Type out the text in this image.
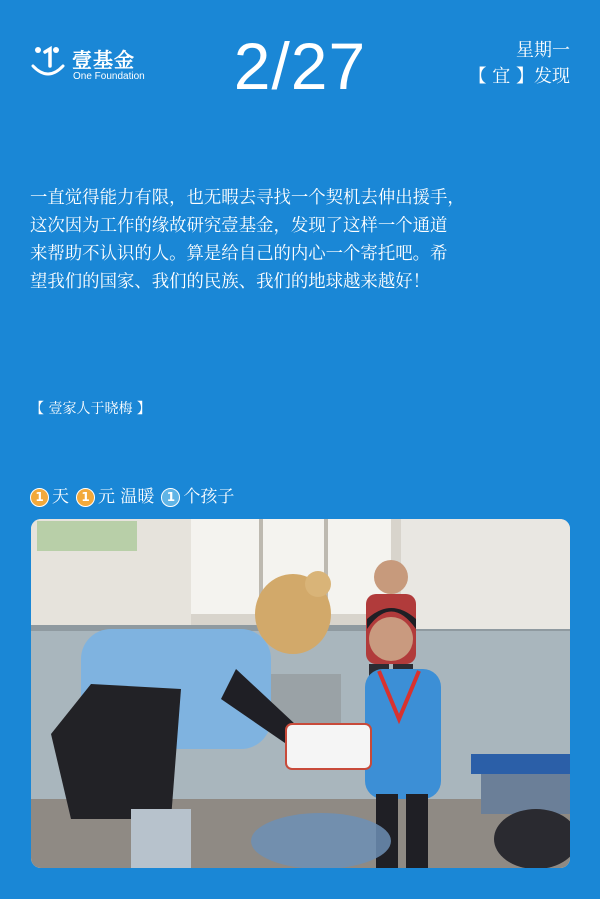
壹基金
One Foundation	2/27	星期一
【 宜 】发现
一直觉得能力有限，也无暇去寻找一个契机去伸出援手，
这次因为工作的缘故研究壹基金，发现了这样一个通道
来帮助不认识的人。算是给自己的内心一个寄托吧。希
望我们的国家、我们的民族、我们的地球越来越好！
【 壹家人于晓梅 】
1 天	1 元 温暖	1 个孩子
